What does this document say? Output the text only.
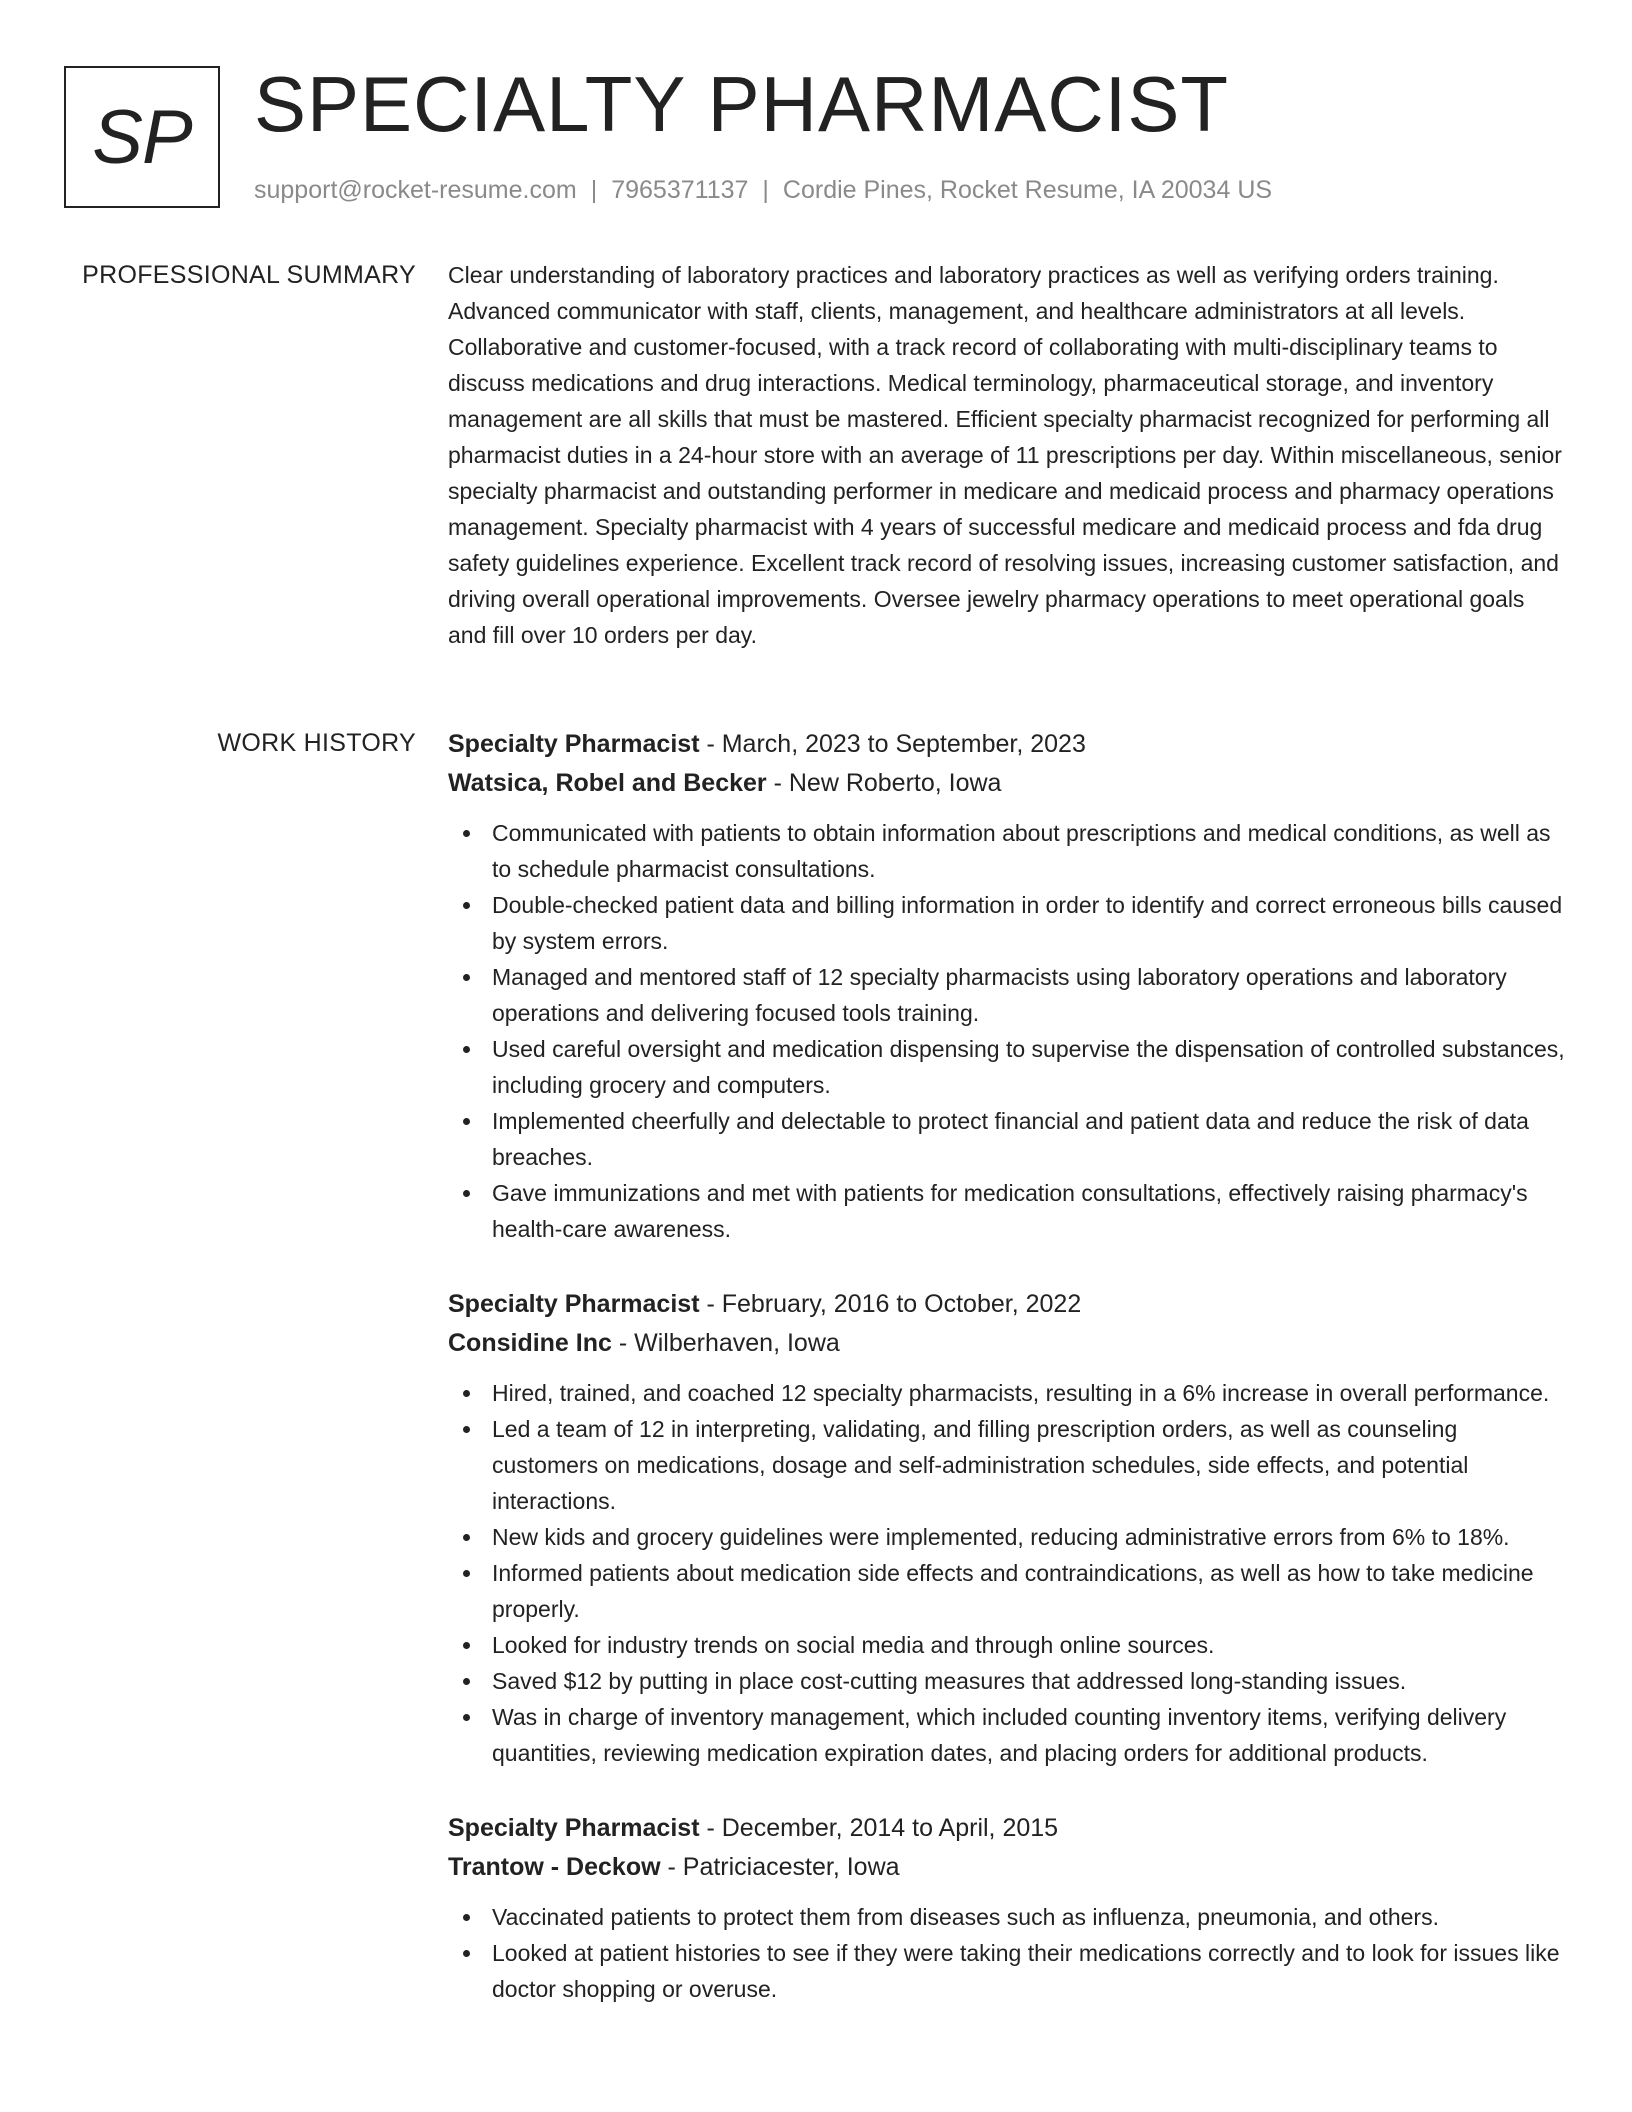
SP SPECIALTY PHARMACIST
support@rocket-resume.com | 7965371137 | Cordie Pines, Rocket Resume, IA 20034 US
PROFESSIONAL SUMMARY Clear understanding of laboratory practices and laboratory practices as well as verifying orders training. Advanced communicator with staff, clients, management, and healthcare administrators at all levels. Collaborative and customer-focused, with a track record of collaborating with multi-disciplinary teams to discuss medications and drug interactions. Medical terminology, pharmaceutical storage, and inventory management are all skills that must be mastered. Efficient specialty pharmacist recognized for performing all pharmacist duties in a 24-hour store with an average of 11 prescriptions per day. Within miscellaneous, senior specialty pharmacist and outstanding performer in medicare and medicaid process and pharmacy operations management. Specialty pharmacist with 4 years of successful medicare and medicaid process and fda drug safety guidelines experience. Excellent track record of resolving issues, increasing customer satisfaction, and driving overall operational improvements. Oversee jewelry pharmacy operations to meet operational goals and fill over 10 orders per day.

WORK HISTORY Specialty Pharmacist - March, 2023 to September, 2023
Watsica, Robel and Becker - New Roberto, Iowa
Communicated with patients to obtain information about prescriptions and medical conditions, as well as to schedule pharmacist consultations.
Double-checked patient data and billing information in order to identify and correct erroneous bills caused by system errors.
Managed and mentored staff of 12 specialty pharmacists using laboratory operations and laboratory operations and delivering focused tools training.
Used careful oversight and medication dispensing to supervise the dispensation of controlled substances, including grocery and computers.
Implemented cheerfully and delectable to protect financial and patient data and reduce the risk of data breaches.
Gave immunizations and met with patients for medication consultations, effectively raising pharmacy's health-care awareness.
Specialty Pharmacist - February, 2016 to October, 2022
Considine Inc - Wilberhaven, Iowa
Hired, trained, and coached 12 specialty pharmacists, resulting in a 6% increase in overall performance.
Led a team of 12 in interpreting, validating, and filling prescription orders, as well as counseling customers on medications, dosage and self-administration schedules, side effects, and potential interactions.
New kids and grocery guidelines were implemented, reducing administrative errors from 6% to 18%.
Informed patients about medication side effects and contraindications, as well as how to take medicine properly.
Looked for industry trends on social media and through online sources.
Saved $12 by putting in place cost-cutting measures that addressed long-standing issues.
Was in charge of inventory management, which included counting inventory items, verifying delivery quantities, reviewing medication expiration dates, and placing orders for additional products.
Specialty Pharmacist - December, 2014 to April, 2015
Trantow - Deckow - Patriciacester, Iowa
Vaccinated patients to protect them from diseases such as influenza, pneumonia, and others.
Looked at patient histories to see if they were taking their medications correctly and to look for issues like doctor shopping or overuse.
